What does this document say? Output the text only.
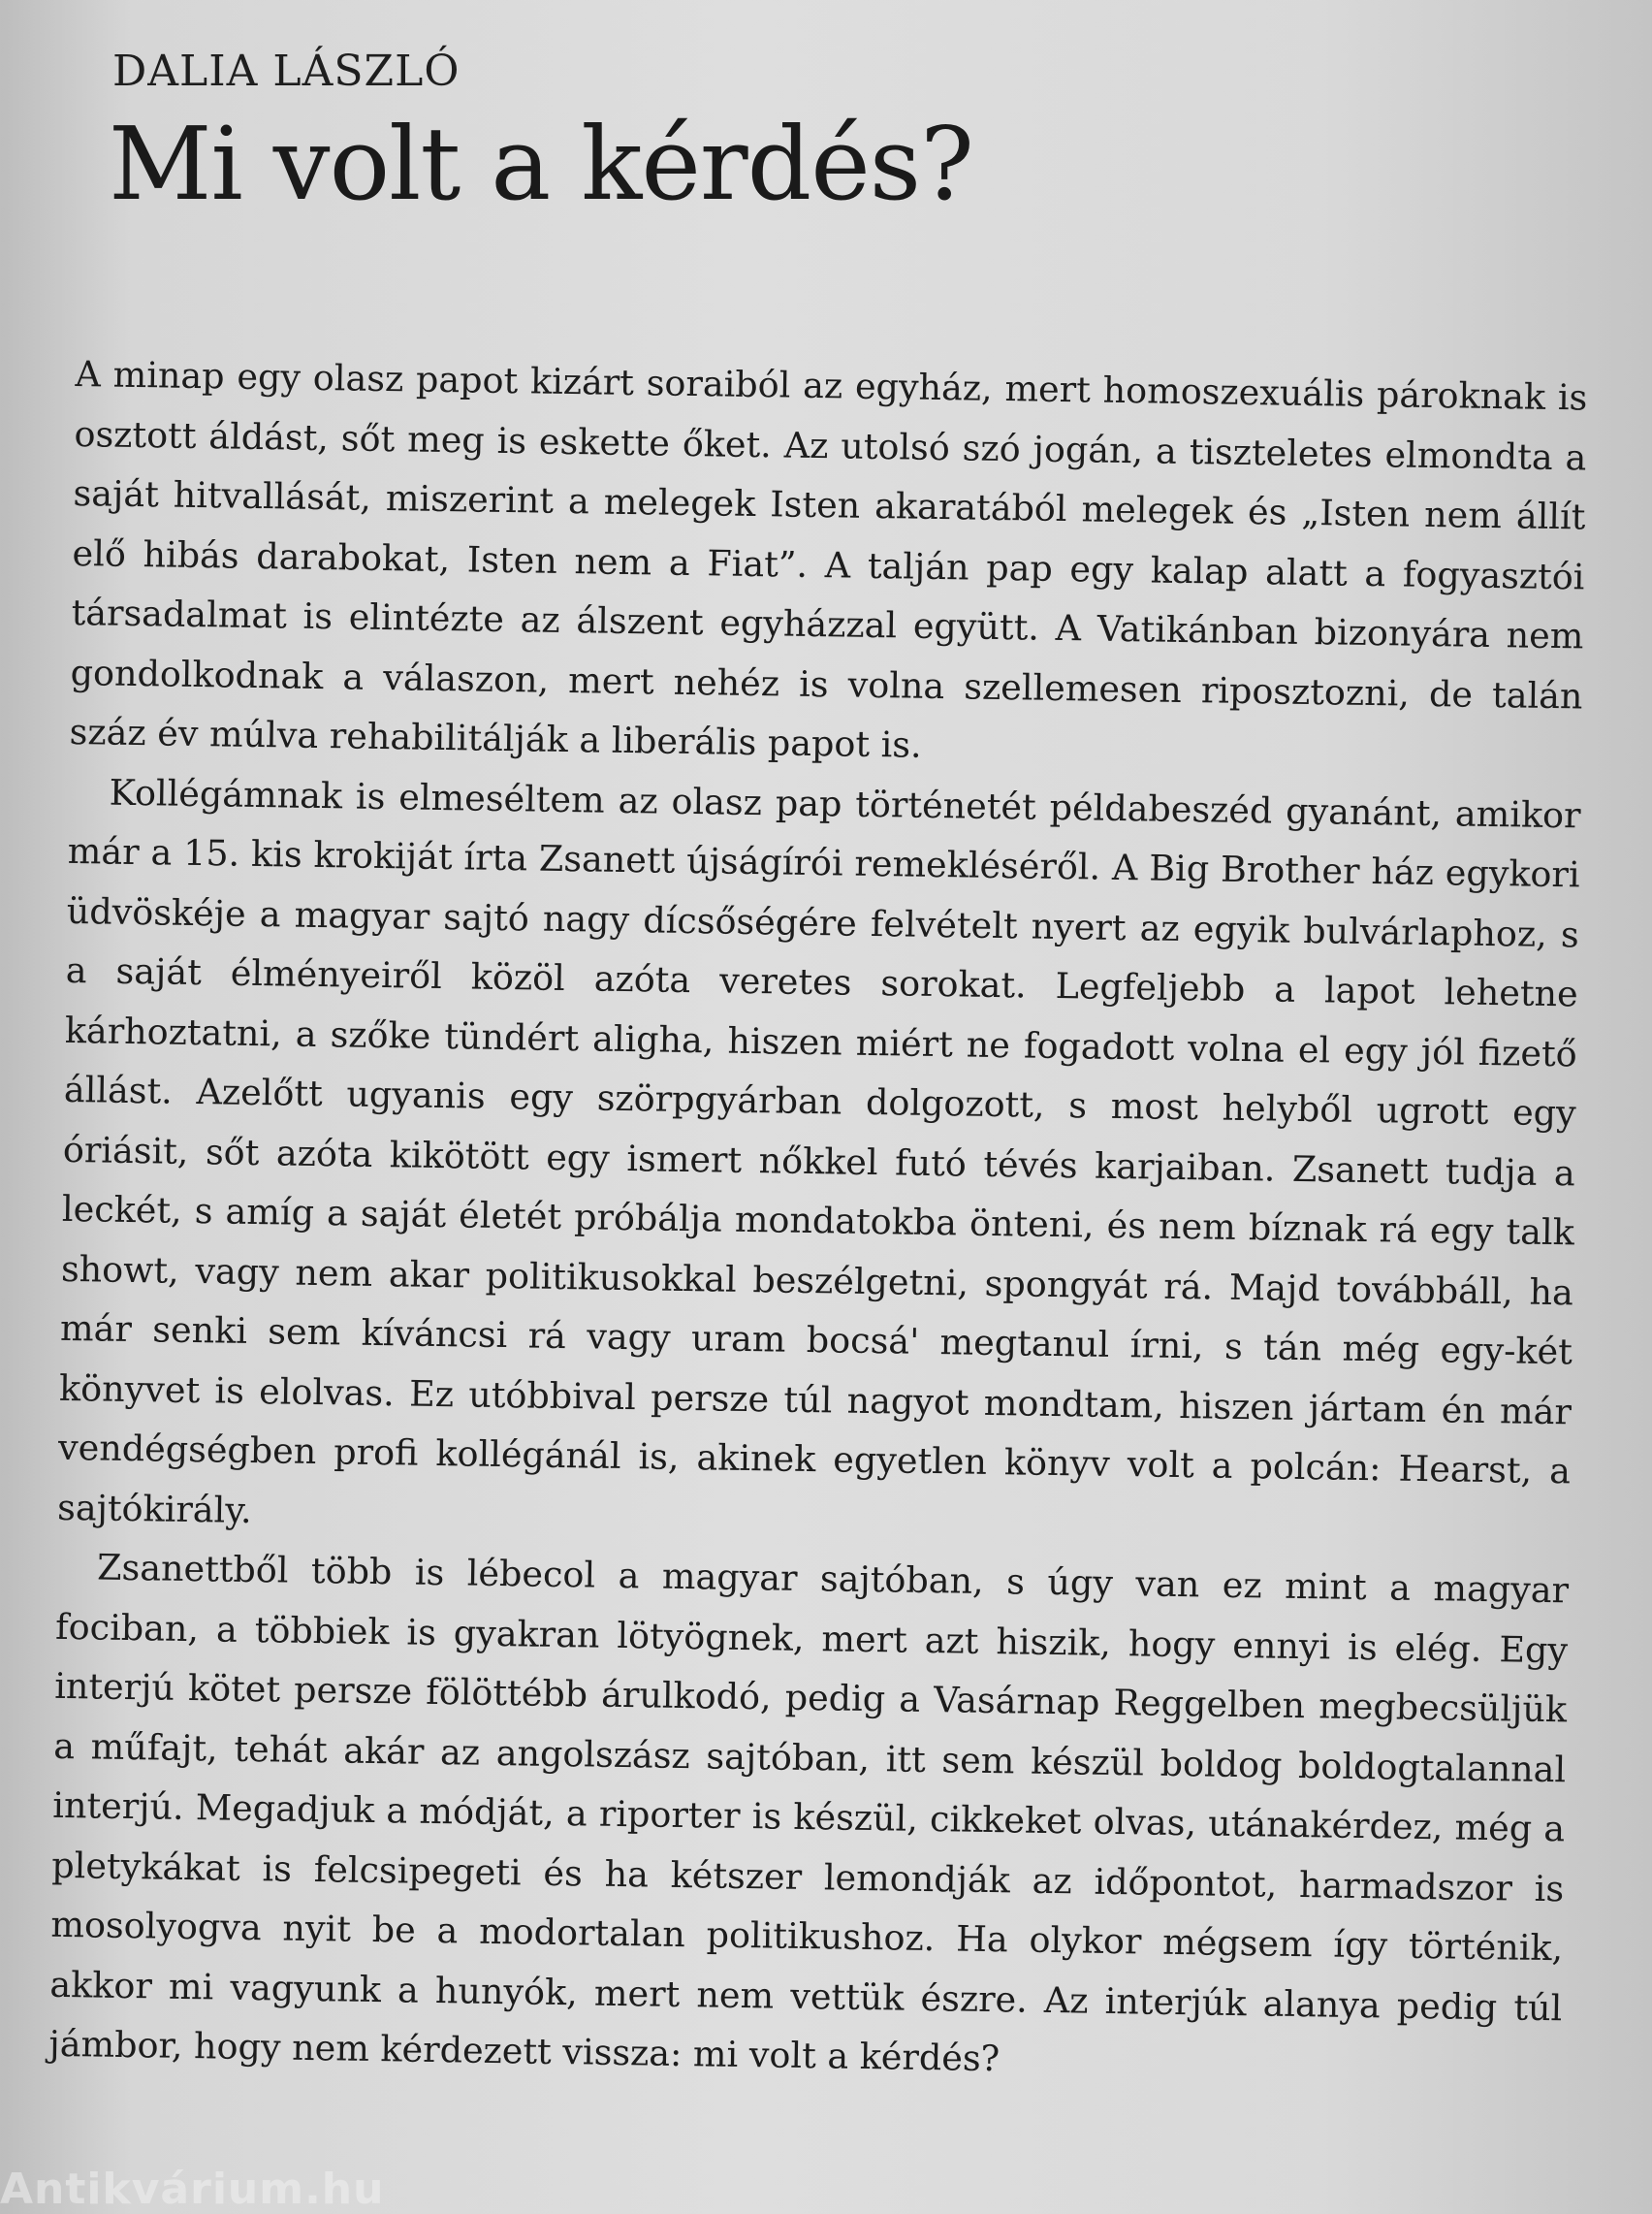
DALIA LÁSZLÓ
Mi volt a kérdés?

A minap egy olasz papot kizárt soraiból az egyház, mert homoszexuális pároknak is osztott áldást, sőt meg is eskette őket. Az utolsó szó jogán, a tiszteletes elmondta a saját hitvallását, miszerint a melegek Isten akaratából melegek és „Isten nem állít elő hibás darabokat, Isten nem a Fiat”. A talján pap egy kalap alatt a fogyasztói társadalmat is elintézte az álszent egyházzal együtt. A Vatikánban bizonyára nem gondolkodnak a válaszon, mert nehéz is volna szellemesen riposztozni, de talán száz év múlva rehabilitálják a liberális papot is.

Kollégámnak is elmeséltem az olasz pap történetét példabeszéd gyanánt, amikor már a 15. kis krokiját írta Zsanett újságírói remekléséről. A Big Brother ház egykori üdvöskéje a magyar sajtó nagy dícsőségére felvételt nyert az egyik bulvárlaphoz, s a saját élményeiről közöl azóta veretes sorokat. Legfeljebb a lapot lehetne kárhoztatni, a szőke tündért aligha, hiszen miért ne fogadott volna el egy jól fizető állást. Azelőtt ugyanis egy szörpgyárban dolgozott, s most helyből ugrott egy óriásit, sőt azóta kikötött egy ismert nőkkel futó tévés karjaiban. Zsanett tudja a leckét, s amíg a saját életét próbálja mondatokba önteni, és nem bíznak rá egy talk showt, vagy nem akar politikusokkal beszélgetni, spongyát rá. Majd továbbáll, ha már senki sem kíváncsi rá vagy uram bocsá' megtanul írni, s tán még egy-két könyvet is elolvas. Ez utóbbival persze túl nagyot mondtam, hiszen jártam én már vendégségben profi kollégánál is, akinek egyetlen könyv volt a polcán: Hearst, a sajtókirály.

Zsanettből több is lébecol a magyar sajtóban, s úgy van ez mint a magyar fociban, a többiek is gyakran lötyögnek, mert azt hiszik, hogy ennyi is elég. Egy interjú kötet persze fölöttébb árulkodó, pedig a Vasárnap Reggelben megbecsüljük a műfajt, tehát akár az angolszász sajtóban, itt sem készül boldog boldogtalannal interjú. Megadjuk a módját, a riporter is készül, cikkeket olvas, utánakérdez, még a pletykákat is felcsipegeti és ha kétszer lemondják az időpontot, harmadszor is mosolyogva nyit be a modortalan politikushoz. Ha olykor mégsem így történik, akkor mi vagyunk a hunyók, mert nem vettük észre. Az interjúk alanya pedig túl jámbor, hogy nem kérdezett vissza: mi volt a kérdés?

Antikvárium.hu
